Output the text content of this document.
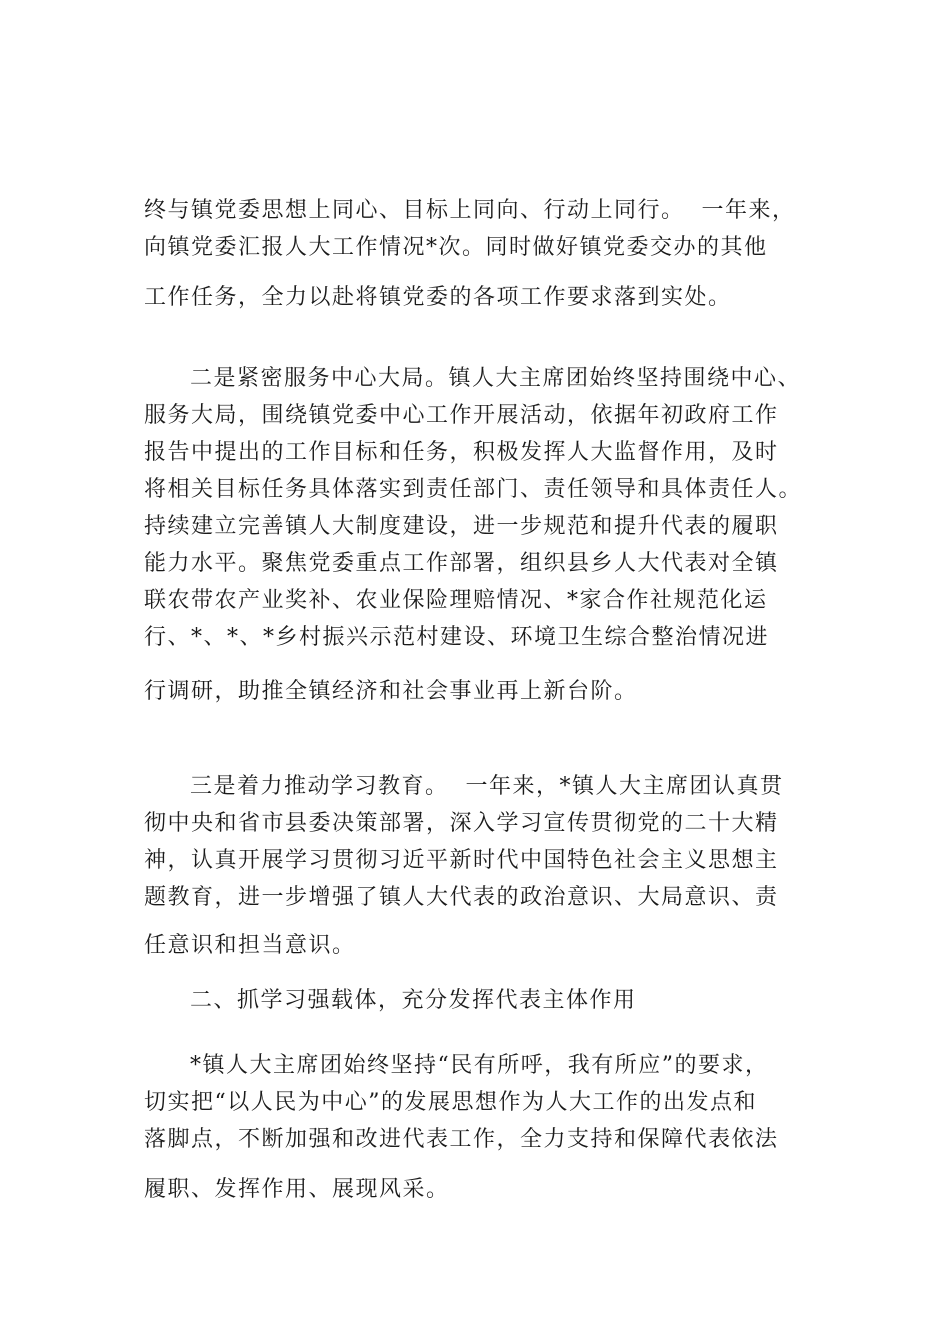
终与镇党委思想上同心、目标上同向、行动上同行。  一年来，
向镇党委汇报人大工作情况*次。同时做好镇党委交办的其他
工作任务，全力以赴将镇党委的各项工作要求落到实处。
二是紧密服务中心大局。镇人大主席团始终坚持围绕中心、
服务大局，围绕镇党委中心工作开展活动，依据年初政府工作
报告中提出的工作目标和任务，积极发挥人大监督作用，及时
将相关目标任务具体落实到责任部门、责任领导和具体责任人。
持续建立完善镇人大制度建设，进一步规范和提升代表的履职
能力水平。聚焦党委重点工作部署，组织县乡人大代表对全镇
联农带农产业奖补、农业保险理赔情况、*家合作社规范化运
行、*、*、*乡村振兴示范村建设、环境卫生综合整治情况进
行调研，助推全镇经济和社会事业再上新台阶。
三是着力推动学习教育。  一年来，*镇人大主席团认真贯
彻中央和省市县委决策部署，深入学习宣传贯彻党的二十大精
神，认真开展学习贯彻习近平新时代中国特色社会主义思想主
题教育，进一步增强了镇人大代表的政治意识、大局意识、责
任意识和担当意识。
二、抓学习强载体，充分发挥代表主体作用
*镇人大主席团始终坚持“民有所呼，我有所应”的要求，
切实把“以人民为中心”的发展思想作为人大工作的出发点和
落脚点，不断加强和改进代表工作，全力支持和保障代表依法
履职、发挥作用、展现风采。
